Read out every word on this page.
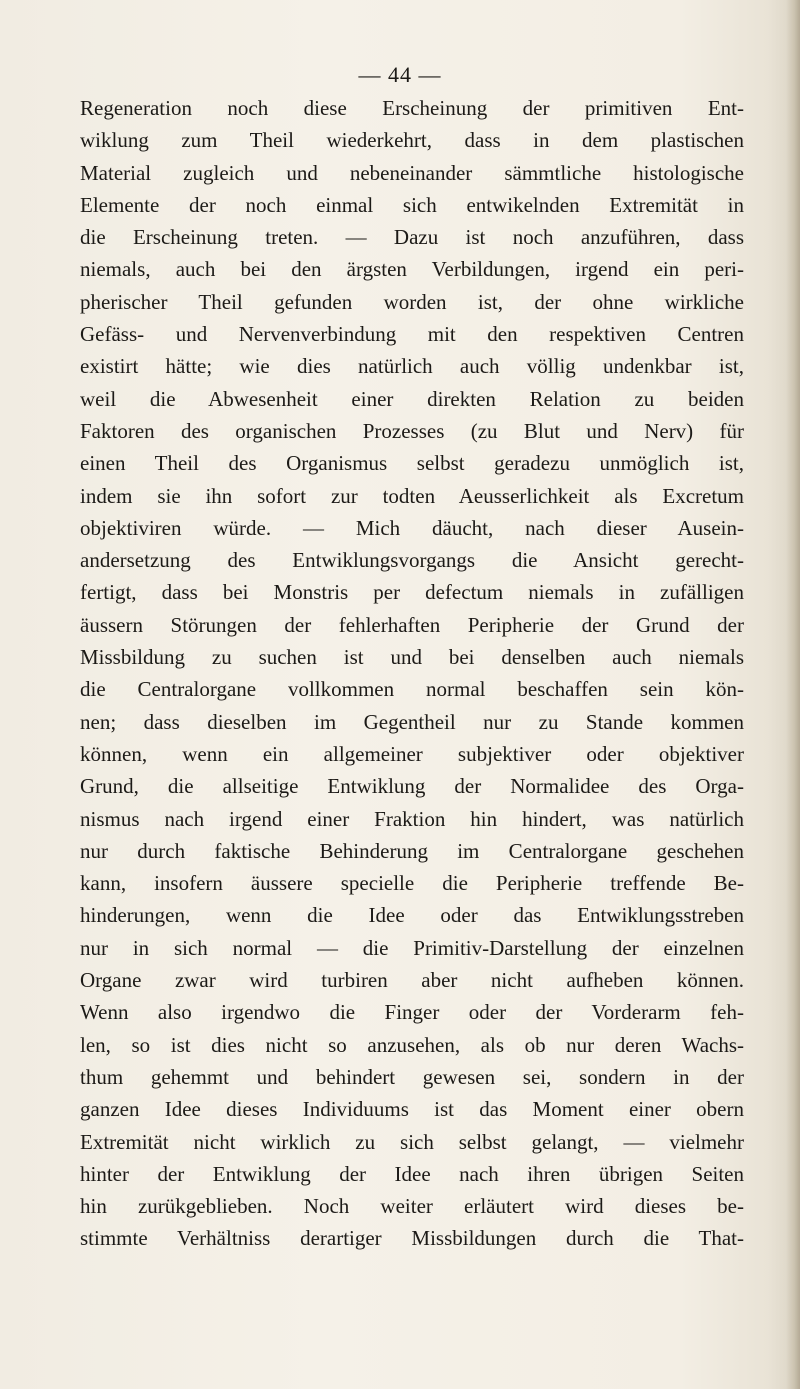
— 44 —
Regeneration noch diese Erscheinung der primitiven Ent-
wiklung zum Theil wiederkehrt, dass in dem plastischen
Material zugleich und nebeneinander sämmtliche histologische
Elemente der noch einmal sich entwikelnden Extremität in
die Erscheinung treten. — Dazu ist noch anzuführen, dass
niemals, auch bei den ärgsten Verbildungen, irgend ein peri-
pherischer Theil gefunden worden ist, der ohne wirkliche
Gefäss- und Nervenverbindung mit den respektiven Centren
existirt hätte; wie dies natürlich auch völlig undenkbar ist,
weil die Abwesenheit einer direkten Relation zu beiden
Faktoren des organischen Prozesses (zu Blut und Nerv) für
einen Theil des Organismus selbst geradezu unmöglich ist,
indem sie ihn sofort zur todten Aeusserlichkeit als Excretum
objektiviren würde. — Mich däucht, nach dieser Ausein-
andersetzung des Entwiklungsvorgangs die Ansicht gerecht-
fertigt, dass bei Monstris per defectum niemals in zufälligen
äussern Störungen der fehlerhaften Peripherie der Grund der
Missbildung zu suchen ist und bei denselben auch niemals
die Centralorgane vollkommen normal beschaffen sein kön-
nen; dass dieselben im Gegentheil nur zu Stande kommen
können, wenn ein allgemeiner subjektiver oder objektiver
Grund, die allseitige Entwiklung der Normalidee des Orga-
nismus nach irgend einer Fraktion hin hindert, was natürlich
nur durch faktische Behinderung im Centralorgane geschehen
kann, insofern äussere specielle die Peripherie treffende Be-
hinderungen, wenn die Idee oder das Entwiklungsstreben
nur in sich normal — die Primitiv-Darstellung der einzelnen
Organe zwar wird turbiren aber nicht aufheben können.
Wenn also irgendwo die Finger oder der Vorderarm feh-
len, so ist dies nicht so anzusehen, als ob nur deren Wachs-
thum gehemmt und behindert gewesen sei, sondern in der
ganzen Idee dieses Individuums ist das Moment einer obern
Extremität nicht wirklich zu sich selbst gelangt, — vielmehr
hinter der Entwiklung der Idee nach ihren übrigen Seiten
hin zurükgeblieben. Noch weiter erläutert wird dieses be-
stimmte Verhältniss derartiger Missbildungen durch die That-
